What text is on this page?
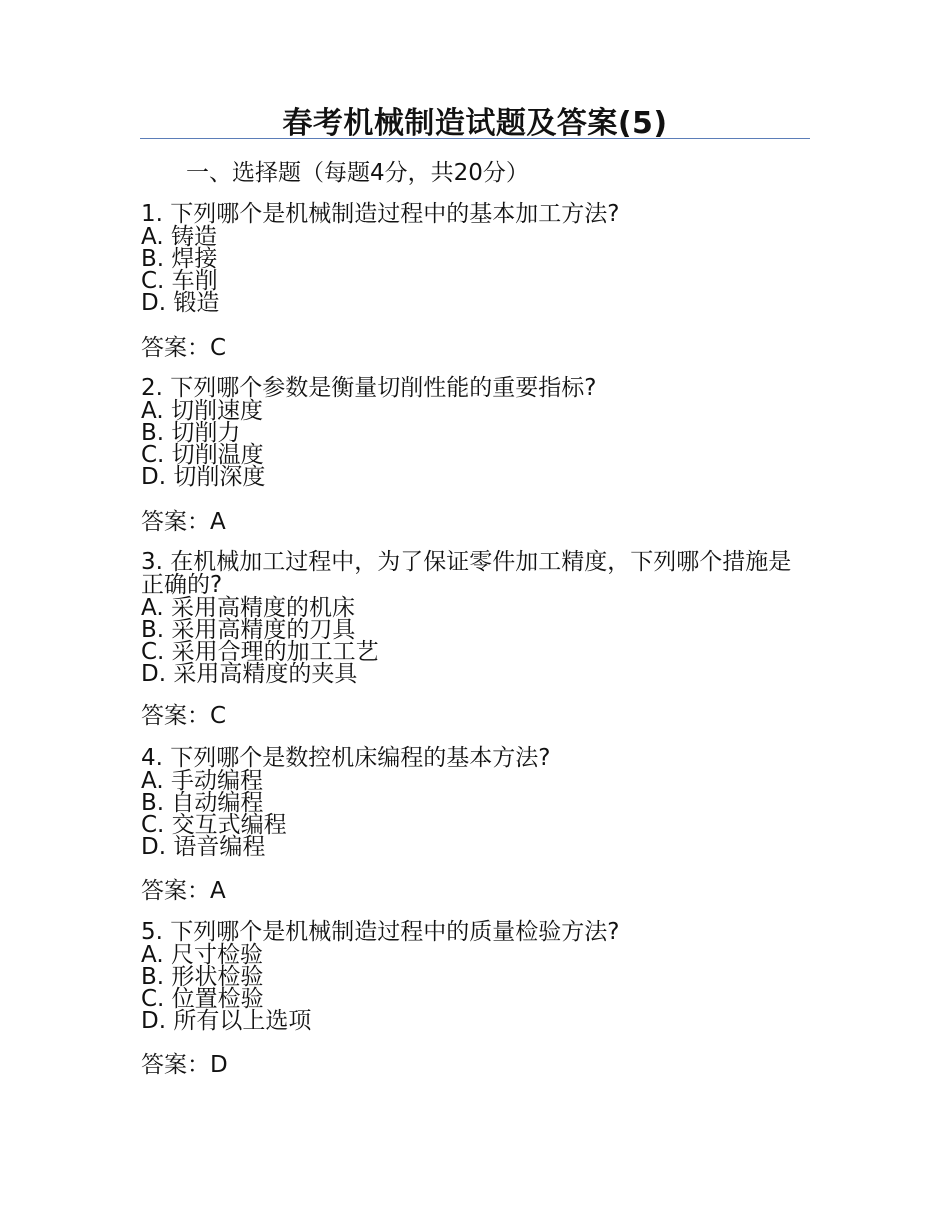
春考机械制造试题及答案(5)
一、选择题（每题4分，共20分）

1. 下列哪个是机械制造过程中的基本加工方法?

A. 铸造

B. 焊接

C. 车削

D. 锻造

答案：C

2. 下列哪个参数是衡量切削性能的重要指标?

A. 切削速度

B. 切削力

C. 切削温度

D. 切削深度

答案：A

3. 在机械加工过程中，为了保证零件加工精度，下列哪个措施是正确的?

A. 采用高精度的机床

B. 采用高精度的刀具

C. 采用合理的加工工艺

D. 采用高精度的夹具

答案：C

4. 下列哪个是数控机床编程的基本方法?

A. 手动编程

B. 自动编程

C. 交互式编程

D. 语音编程

答案：A

5. 下列哪个是机械制造过程中的质量检验方法?

A. 尺寸检验

B. 形状检验

C. 位置检验

D. 所有以上选项

答案：D
